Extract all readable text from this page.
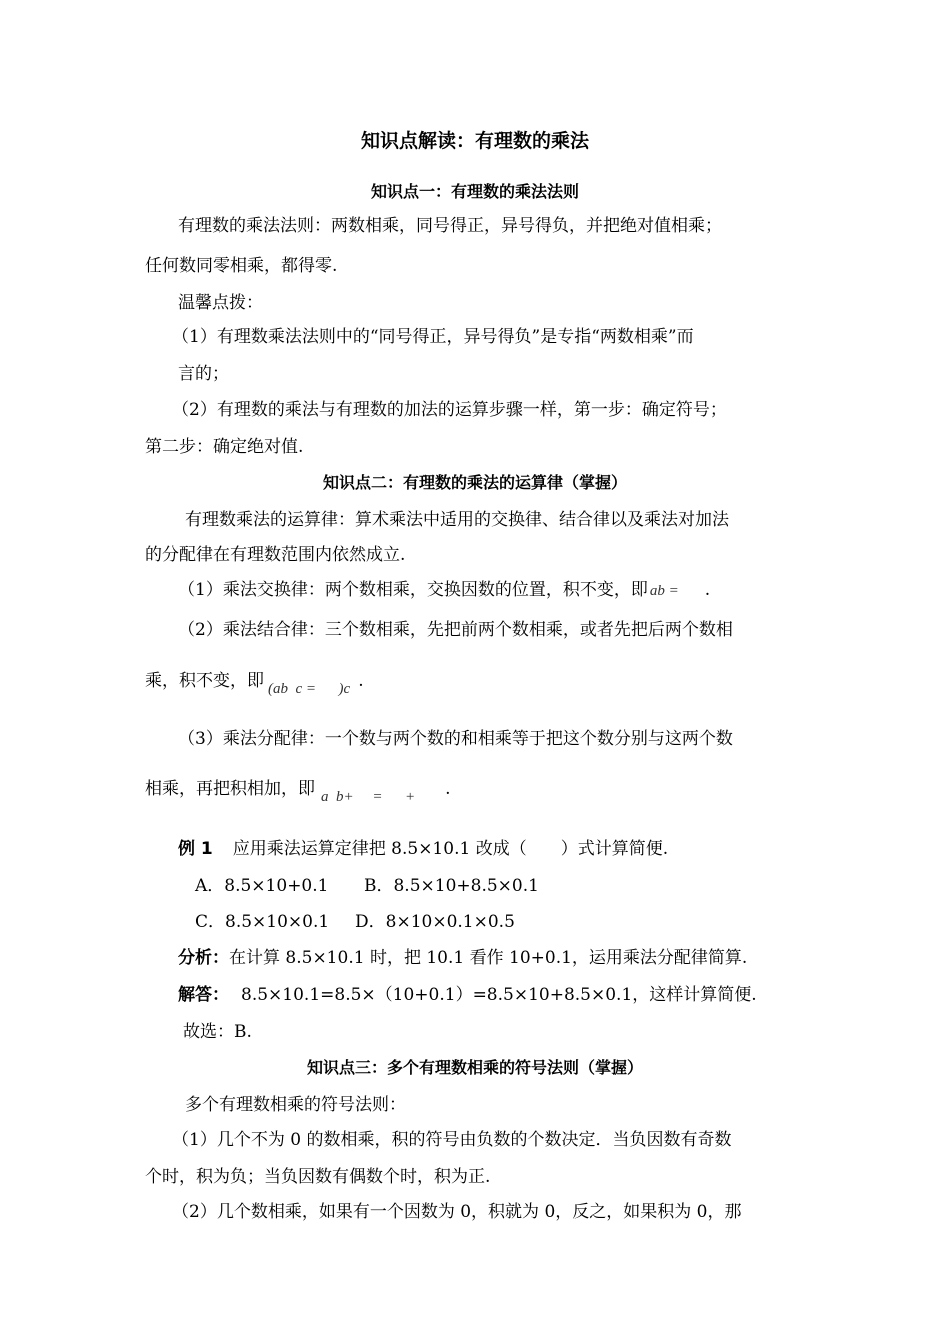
知识点解读：有理数的乘法
知识点一：有理数的乘法法则
有理数的乘法法则：两数相乘，同号得正，异号得负，并把绝对值相乘；
任何数同零相乘，都得零.
温馨点拨：
（1）有理数乘法法则中的“同号得正，异号得负”是专指“两数相乘”而
言的；
（2）有理数的乘法与有理数的加法的运算步骤一样，第一步：确定符号；
第二步：确定绝对值.
知识点二：有理数的乘法的运算律（掌握）
有理数乘法的运算律：算术乘法中适用的交换律、结合律以及乘法对加法
的分配律在有理数范围内依然成立.
（1）乘法交换律：两个数相乘，交换因数的位置，积不变，即 ab = .
（2）乘法结合律：三个数相乘，先把前两个数相乘，或者先把后两个数相
乘，积不变，即 (ab  c =      )c .
（3）乘法分配律：一个数与两个数的和相乘等于把这个数分别与这两个数
相乘，再把积相加，即 a  b+     =      + .
例 1 应用乘法运算定律把 8.5×10.1 改成（　　）式计算简便.
A．8.5×10+0.1 B．8.5×10+8.5×0.1
C．8.5×10×0.1 D．8×10×0.1×0.5
分析：在计算 8.5×10.1 时，把 10.1 看作 10+0.1，运用乘法分配律简算.
解答： 8.5×10.1=8.5×（10+0.1）=8.5×10+8.5×0.1，这样计算简便.
故选：B.
知识点三：多个有理数相乘的符号法则（掌握）
多个有理数相乘的符号法则：
（1）几个不为 0 的数相乘，积的符号由负数的个数决定．当负因数有奇数
个时，积为负；当负因数有偶数个时，积为正.
（2）几个数相乘，如果有一个因数为 0，积就为 0，反之，如果积为 0，那
